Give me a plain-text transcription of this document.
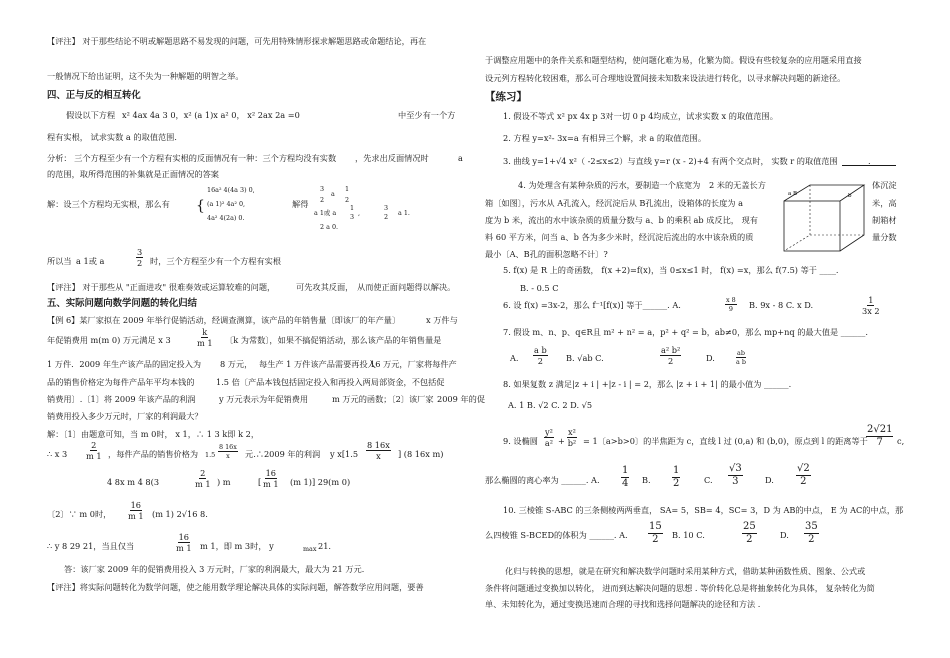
【评注】 对于那些结论不明或解题思路不易发现的问题，可先用特殊情形探求解题思路或命题结论，再在
一般情况下给出证明，这不失为一种解题的明智之举。
四、正与反的相互转化
假设以下方程 x² 4ax 4a 3 0，x² (a 1)x a² 0， x² 2ax 2a =0	中至少有一个方
程有实根， 试求实数 a 的取值范围．
分析： 三个方程至少有一个方程有实根的反面情况有一种：三个方程均没有实数 ，先求出反面情况时	a
的范围，取所得范围的补集就是正面情况的答案
解：设三个方程均无实根，那么有 {
16a² 4(4a 3) 0,
(a 1)² 4a² 0,
4a² 4(2a) 0.
解得
3
2
a
1
2
a 1或 a
1
3 ,
3
2 a 1.
2 a 0.
所以当 a 1或 a	$\frac{3}{2}$ 时，三个方程至少有一个方程有实根
【评注】 对于那些从 "正面进攻" 很难奏效或运算较难的问题，	可先攻其反面， 从而使正面问题得以解决。
五、实际问题向数学问题的转化归结
【例 6】某厂家拟在 2009 年举行促销活动，经调查测算，该产品的年销售量〔即该厂的年产量〕	x 万件与
年促销费用 m(m 0) 万元满足 x 3	$\frac{k}{m 1}$ 〔k 为常数〕，如果不搞促销活动，那么该产品的年销售量是
1 万件．2009 年生产该产品的固定投入为 8 万元， 每生产 1 万件该产品需要再投入
16 万元，厂家将每件产
品的销售价格定为每件产品年平均本钱的	1.5 倍〔产品本钱包括固定投入和再投入两局部资金，不包括促
销费用〕.〔1〕将 2009 年该产品的利润	y 万元表示为年促销费用	m 万元的函数；〔2〕该厂家 2009 年的促
销费用投入多少万元时，厂家的利润最大？
解：〔1〕由题意可知，当 m 0时， x 1，∴ 1 3 k即 k 2，
∴ x $3 \frac{2}{m 1}$ ，每件产品的销售价格为 $1.5 \frac{8 16x}{x}$ 元.∴2009 年的利润 y $x[1.5 \frac{8 16x}{x}$ ] (8 16x m)
4 8x m 4 8(3	$\frac{2}{m 1}$ ) m	[ $\frac{16}{m 1} (m$ 1)] 29(m 0)
〔2〕∵ m 0时， $\frac{16}{m 1} (m$ 1) 2√16 8.
∴ y 8 29 21，当且仅当	$\frac{16}{m 1}$ m 1，即 m 3时， y	max 21.
答：该厂家 2009 年的促销费用投入 3 万元时，厂家的利润最大，最大为 21 万元．
【评注】将实际问题转化为数学问题，使之能用数学理论解决具体的实际问题，解答数学应用问题，要善
于调整应用题中的条件关系和题型结构，使问题化难为易，化繁为简。假设有些较复杂的应用题采用直接
设元列方程转化较困难，那么可合理地设置间接未知数来设法进行转化，以寻求解决问题的新途径。
【练习】
1. 假设不等式 x² px 4x p 3对一切 0 p 4均成立，试求实数 x 的取值范围。
2. 方程 y=x²- 3x=a 有相异三个解，求 a 的取值范围。
3. 曲线 y=1+√4 x²（ -2≤x≤2）与直线 y=r (x - 2)+4 有两个交点时， 实数 r 的取值范围	.
4. 为处理含有某种杂质的污水，要制造一个底宽为 2 米的无盖长方	体沉淀
箱〔如图〕，污水从 A孔流入，经沉淀后从 B孔流出，设箱体的长度为 a	米，高
度为 b 米，流出的水中该杂质的质量分数与 a、b 的乘积 ab 成反比， 现有	制箱材
料 60 平方米，问当 a、b 各为多少米时，经沉淀后流出的水中该杂质的质	量分数
最小〔A、B孔的面积忽略不计〕?
a B	b
5. f(x) 是 R 上的奇函数， f(x +2)=f(x)，当 0≤x≤1 时， f(x) =x，那么 f(7.5) 等于 ____.
B. - 0.5 C
6. 设 f(x) =3x-2，那么 f⁻¹[f(x)] 等于______. A.	$\frac{x 8}{9} B$. 9x - 8 C. x D.	$\frac{1}{3x 2}$
7. 假设 m、n、p、q∈R且 m² + n² = a，p² + q² = b，ab≠0，那么 mp+nq 的最大值是 ______.
A. $\frac{\text{a b}}{2} B$. √ab C.	$\frac{\text{a² b²}}{2}$	D.	$\frac{ab}{\text{a b}}$
8. 如果复数 z 满足|z + i | +|z - i | = 2，那么 |z + i + 1| 的最小值为 ______.
A. 1 B. √2 C. 2 D. √5
9. 设椭圆 $\frac{\text{y²}}{\text{a²}} + \frac{\text{x²}}{\text{b²}} = 1$〔a>b>0〕的半焦距为 c，直线 l 过 (0,a) 和 (b,0)，原点到 l 的距离等于
$\frac{2√21}{7} c$,
那么椭圆的离心率为 ______. A. $\frac{1}{4} B$. $\frac{1}{2}$	C. $\frac{√3}{3}$	D. $\frac{√2}{2}$
10. 三棱锥 S-ABC 的三条侧棱两两垂直， SA= 5，SB= 4，SC= 3，D 为 AB的中点， E 为 AC的中点，那
么四棱锥 S-BCED的体积为 ______. A. $\frac{15}{2} B$. 10 C.	$\frac{25}{2}$	D. $\frac{35}{2}$
化归与转换的思想，就是在研究和解决数学问题时采用某种方式，借助某种函数性质、图象、公式或
条件将问题通过变换加以转化， 进而到达解决问题的思想 . 等价转化总是将抽象转化为具体， 复杂转化为简
单、未知转化为，通过变换迅速而合理的寻找和选择问题解决的途径和方法 .
